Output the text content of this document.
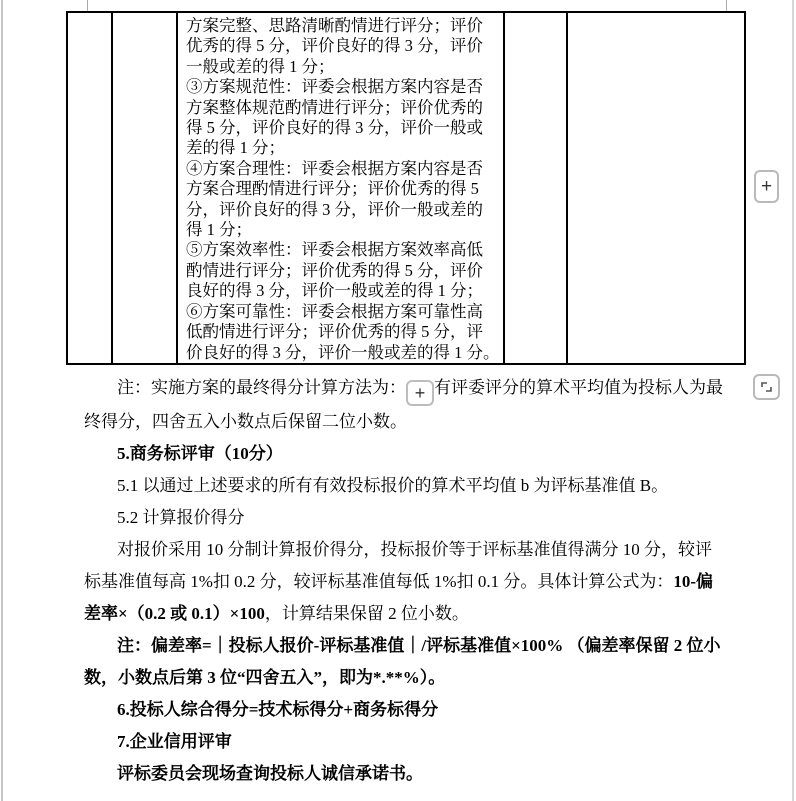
方案完整、思路清晰酌情进行评分；评价
优秀的得 5 分，评价良好的得 3 分，评价
一般或差的得 1 分；
③方案规范性：评委会根据方案内容是否
方案整体规范酌情进行评分；评价优秀的
得 5 分，评价良好的得 3 分，评价一般或
差的得 1 分；
④方案合理性：评委会根据方案内容是否
方案合理酌情进行评分；评价优秀的得 5
分，评价良好的得 3 分，评价一般或差的
得 1 分；
⑤方案效率性：评委会根据方案效率高低
酌情进行评分；评价优秀的得 5 分，评价
良好的得 3 分，评价一般或差的得 1 分；
⑥方案可靠性：评委会根据方案可靠性高
低酌情进行评分；评价优秀的得 5 分，评
价良好的得 3 分，评价一般或差的得 1 分。
+
注：实施方案的最终得分计算方法为： + 有评委评分的算术平均值为投标人为最终得分，四舍五入小数点后保留二位小数。
5.商务标评审（10分）
5.1 以通过上述要求的所有有效投标报价的算术平均值 b 为评标基准值 B。
5.2 计算报价得分
对报价采用 10 分制计算报价得分，投标报价等于评标基准值得满分 10 分，较评标基准值每高 1%扣 0.2 分，较评标基准值每低 1%扣 0.1 分。具体计算公式为：10-偏差率×（0.2 或 0.1）×100，计算结果保留 2 位小数。
注：偏差率=｜投标人报价-评标基准值｜/评标基准值×100% （偏差率保留 2 位小数，小数点后第 3 位“四舍五入”，即为*.**%）。
6.投标人综合得分=技术标得分+商务标得分
7.企业信用评审
评标委员会现场查询投标人诚信承诺书。
